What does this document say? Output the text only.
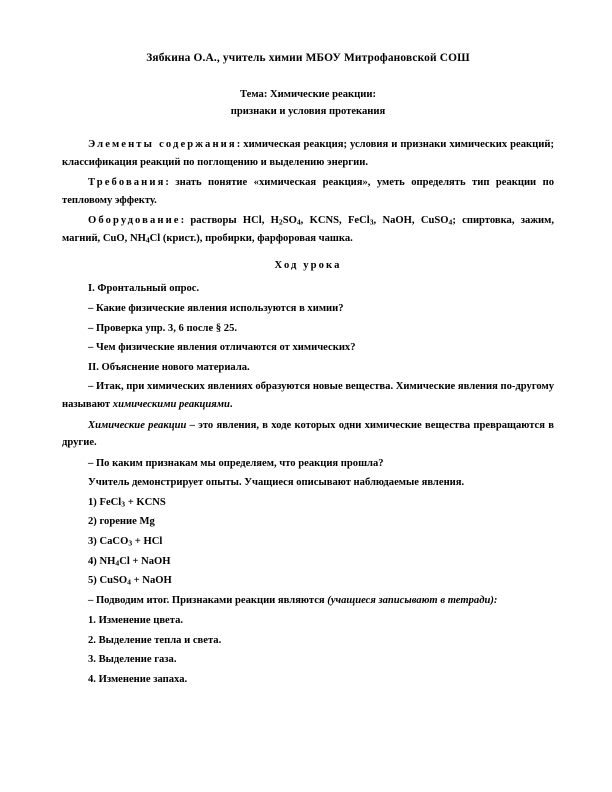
Зябкина О.А., учитель химии МБОУ Митрофановской СОШ
Тема: Химические реакции:
признаки и условия протекания

Элементы содержания: химическая реакция; условия и признаки химических реакций; классификация реакций по поглощению и выделению энергии.

Требования: знать понятие «химическая реакция», уметь определять тип реакции по тепловому эффекту.

Оборудование: растворы HCl, $H_2SO_4$, KCNS, FeCl$_3$, NaOH, CuSO$_4$; спиртовка, зажим, магний, CuO, $NH_4Cl$ (крист.), пробирки, фарфоровая чашка.

Ход урока
I. Фронтальный опрос.
– Какие физические явления используются в химии?
– Проверка упр. 3, 6 после § 25.
– Чем физические явления отличаются от химических?
II. Объяснение нового материала.

– Итак, при химических явлениях образуются новые вещества. Химические явления по-другому называют химическими реакциями.

Химические реакции – это явления, в ходе которых одни химические вещества превращаются в другие.

– По каким признакам мы определяем, что реакция прошла?
Учитель демонстрирует опыты. Учащиеся описывают наблюдаемые явления.
1) FeCl$_3$ + KCNS
2) горение Mg
3) CaCO$_3$ + HCl
4) $NH_4Cl$ + NaOH
5) CuSO$_4$ + NaOH

– Подводим итог. Признаками реакции являются (учащиеся записывают в тетради):

1. Изменение цвета.
2. Выделение тепла и света.
3. Выделение газа.
4. Изменение запаха.
